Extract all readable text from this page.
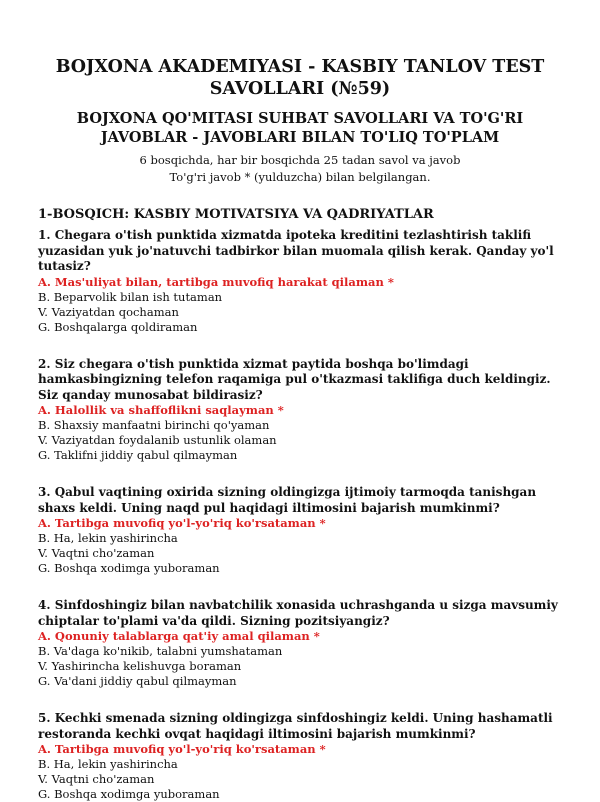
BOJXONA AKADEMIYASI - KASBIY TANLOV TEST SAVOLLARI (№59)
BOJXONA QO'MITASI SUHBAT SAVOLLARI VA TO'G'RI JAVOBLAR - JAVOBLARI BILAN TO'LIQ TO'PLAM
6 bosqichda, har bir bosqichda 25 tadan savol va javob
To'g'ri javob * (yulduzcha) bilan belgilangan.
1-BOSQICH: KASBIY MOTIVATSIYA VA QADRIYATLAR

1. Chegara o'tish punktida xizmatda ipoteka kreditini tezlashtirish taklifi yuzasidan yuk jo'natuvchi tadbirkor bilan muomala qilish kerak. Qanday yo'l tutasiz?

A. Mas'uliyat bilan, tartibga muvofiq harakat qilaman *
B. Beparvolik bilan ish tutaman
V. Vaziyatdan qochaman
G. Boshqalarga qoldiraman

2. Siz chegara o'tish punktida xizmat paytida boshqa bo'limdagi hamkasbingizning telefon raqamiga pul o'tkazmasi taklifiga duch keldingiz. Siz qanday munosabat bildirasiz?

A. Halollik va shaffoflikni saqlayman *
B. Shaxsiy manfaatni birinchi qo'yaman
V. Vaziyatdan foydalanib ustunlik olaman
G. Taklifni jiddiy qabul qilmayman

3. Qabul vaqtining oxirida sizning oldingizga ijtimoiy tarmoqda tanishgan shaxs keldi. Uning naqd pul haqidagi iltimosini bajarish mumkinmi?

A. Tartibga muvofiq yo'l-yo'riq ko'rsataman *
B. Ha, lekin yashirincha
V. Vaqtni cho'zaman
G. Boshqa xodimga yuboraman

4. Sinfdoshingiz bilan navbatchilik xonasida uchrashganda u sizga mavsumiy chiptalar to'plami va'da qildi. Sizning pozitsiyangiz?

A. Qonuniy talablarga qat'iy amal qilaman *
B. Va'daga ko'nikib, talabni yumshataman
V. Yashirincha kelishuvga boraman
G. Va'dani jiddiy qabul qilmayman

5. Kechki smenada sizning oldingizga sinfdoshingiz keldi. Uning hashamatli restoranda kechki ovqat haqidagi iltimosini bajarish mumkinmi?

A. Tartibga muvofiq yo'l-yo'riq ko'rsataman *
B. Ha, lekin yashirincha
V. Vaqtni cho'zaman
G. Boshqa xodimga yuboraman
